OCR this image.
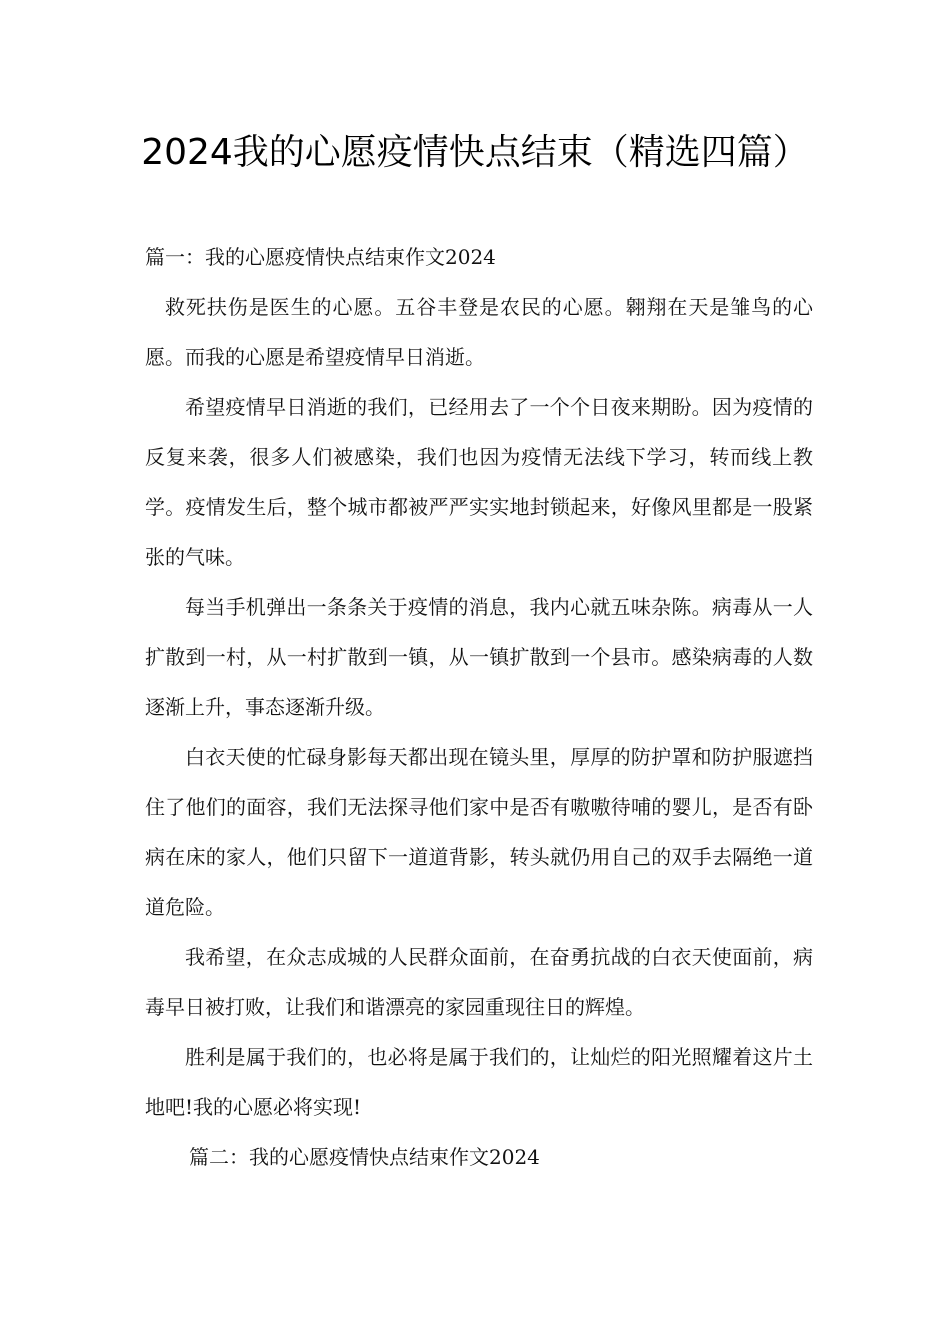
2024我的心愿疫情快点结束（精选四篇）
篇一：我的心愿疫情快点结束作文2024

救死扶伤是医生的心愿。五谷丰登是农民的心愿。翱翔在天是雏鸟的心愿。而我的心愿是希望疫情早日消逝。

希望疫情早日消逝的我们，已经用去了一个个日夜来期盼。因为疫情的反复来袭，很多人们被感染，我们也因为疫情无法线下学习，转而线上教学。疫情发生后，整个城市都被严严实实地封锁起来，好像风里都是一股紧张的气味。

每当手机弹出一条条关于疫情的消息，我内心就五味杂陈。病毒从一人扩散到一村，从一村扩散到一镇，从一镇扩散到一个县市。感染病毒的人数逐渐上升，事态逐渐升级。

白衣天使的忙碌身影每天都出现在镜头里，厚厚的防护罩和防护服遮挡住了他们的面容，我们无法探寻他们家中是否有嗷嗷待哺的婴儿，是否有卧病在床的家人，他们只留下一道道背影，转头就仍用自己的双手去隔绝一道道危险。

我希望，在众志成城的人民群众面前，在奋勇抗战的白衣天使面前，病毒早日被打败，让我们和谐漂亮的家园重现往日的辉煌。

胜利是属于我们的，也必将是属于我们的，让灿烂的阳光照耀着这片土地吧!我的心愿必将实现!

篇二：我的心愿疫情快点结束作文2024
